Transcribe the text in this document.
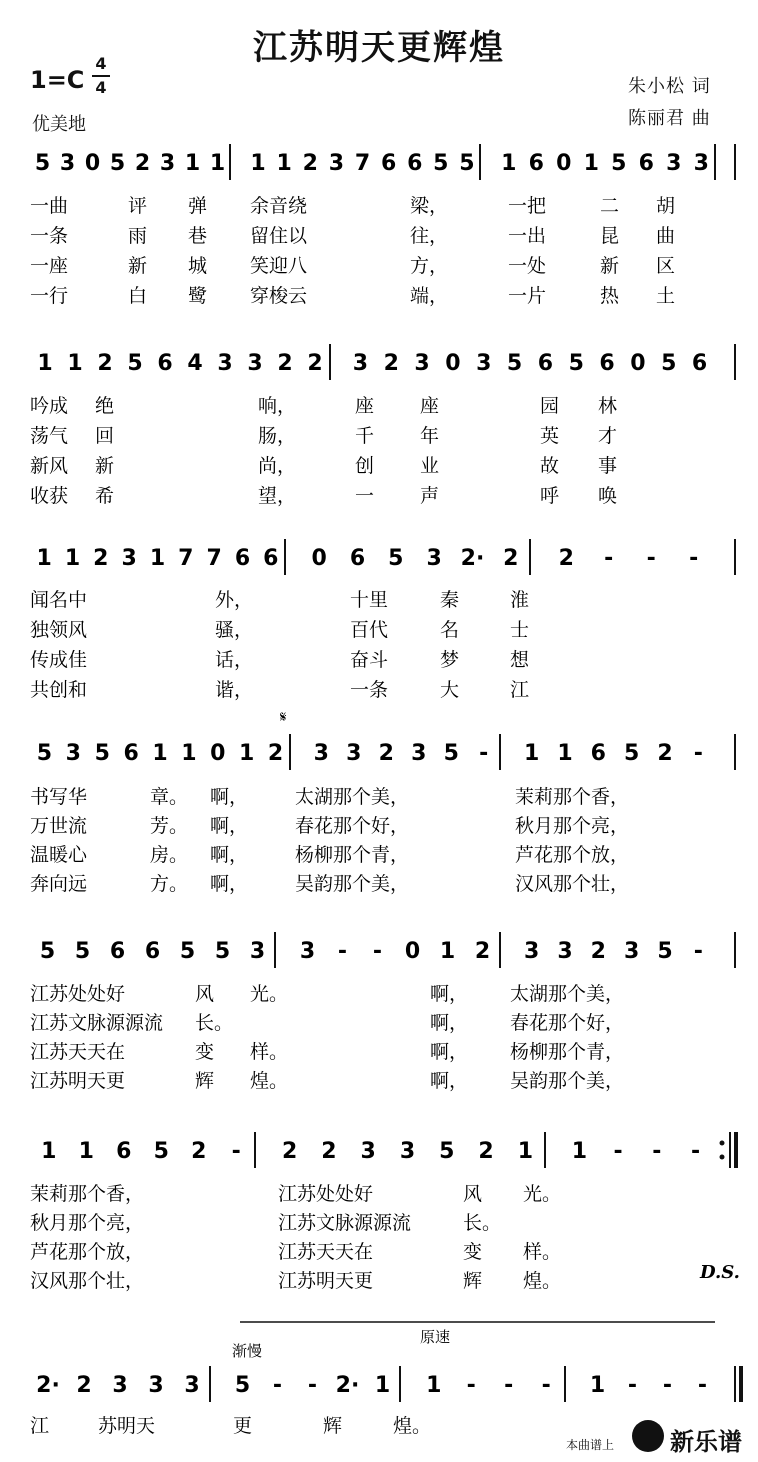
江苏明天更辉煌
1=C
4
4
优美地
朱小松 词
陈丽君 曲
5 3 0 5 2 3 1 1 1 1 2 3 7 6 6 5 5 1 6 0 1 5 6 3 3
一曲	评 弹 余音绕	梁，	一把	二 胡
一条	雨 巷 留住以	往，	一出	昆 曲
一座	新 城 笑迎八	方，	一处	新 区
一行	白 鹭 穿梭云	端，	一片	热 土
1 1 2 5 6 4 3 3 2 2 3 2 3 0 3 5 6 5 6 0 5 6
吟成 绝	响，	座 座	园 林
荡气 回	肠，	千 年	英 才
新风 新	尚，	创 业	故 事
收获 希	望，	一 声	呼 唤
1 1 2 3 1 7 7 6 6 0 6 5 3 2· 2 2 - - -
闻名中	外，	十里	秦	淮
独领风	骚，	百代	名	士
传成佳	话，	奋斗	梦	想
共创和	谐，	一条	大	江
5 3 5 6 1 1 0 1 2 3 3 2 3 5 - 1 1 6 5 2 -
书写华	章。 啊， 太湖那个美，	茉莉那个香，
万世流	芳。 啊， 春花那个好，	秋月那个亮，
温暖心	房。 啊， 杨柳那个青，	芦花那个放，
奔向远	方。 啊， 吴韵那个美，	汉风那个壮，
5 5 6 6 5 5 3 3 - - 0 1 2 3 3 2 3 5 -
江苏处处好	风 光。	啊， 太湖那个美，
江苏文脉源源流 长。	啊， 春花那个好，
江苏天天在	变 样。	啊， 杨柳那个青，
江苏明天更	辉 煌。	啊， 吴韵那个美，
1 1 6 5 2 - 2 2 3 3 5 2 1 1 - - -
茉莉那个香，	江苏处处好	风 光。
秋月那个亮，	江苏文脉源源流	长。
芦花那个放，	江苏天天在	变 样。
汉风那个壮，	江苏明天更	辉 煌。
2· 2 3 3 3 5 - - 2· 1 1 - - - 1 - - -
江	苏明天	更	辉	煌。
𝄋
D.S.
渐慢
原速
本曲谱上 新乐谱
